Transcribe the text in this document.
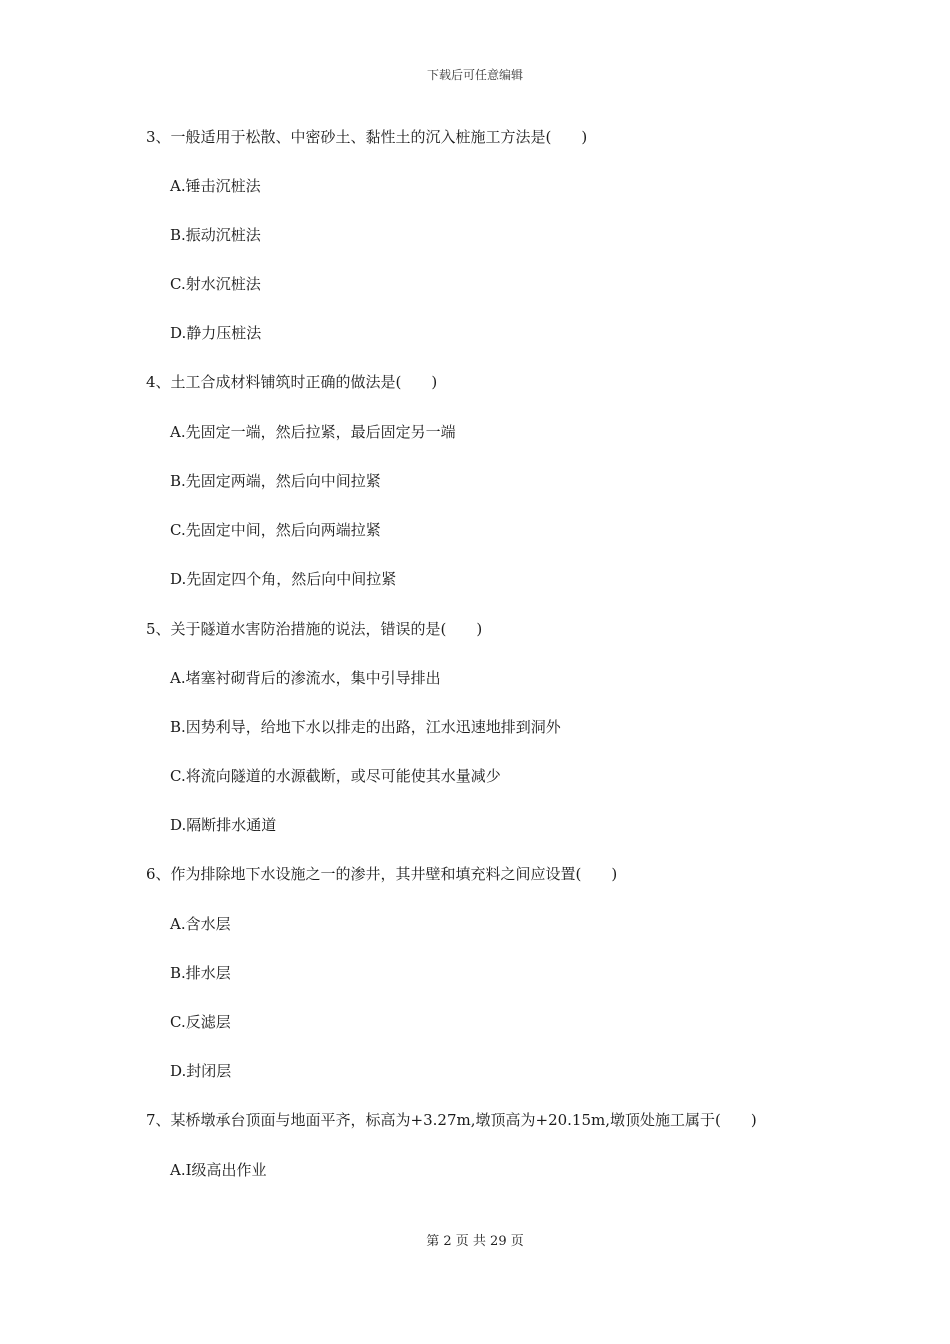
下载后可任意编辑
3、一般适用于松散、中密砂土、黏性土的沉入桩施工方法是(　　)
A.锤击沉桩法
B.振动沉桩法
C.射水沉桩法
D.静力压桩法
4、土工合成材料铺筑时正确的做法是(　　)
A.先固定一端，然后拉紧，最后固定另一端
B.先固定两端，然后向中间拉紧
C.先固定中间，然后向两端拉紧
D.先固定四个角，然后向中间拉紧
5、关于隧道水害防治措施的说法，错误的是(　　)
A.堵塞衬砌背后的渗流水，集中引导排出
B.因势利导，给地下水以排走的出路，江水迅速地排到洞外
C.将流向隧道的水源截断，或尽可能使其水量减少
D.隔断排水通道
6、作为排除地下水设施之一的渗井，其井壁和填充料之间应设置(　　)
A.含水层
B.排水层
C.反滤层
D.封闭层
7、某桥墩承台顶面与地面平齐，标高为+3.27m,墩顶高为+20.15m,墩顶处施工属于(　　)
A.Ⅰ级高出作业
第 2 页 共 29 页
